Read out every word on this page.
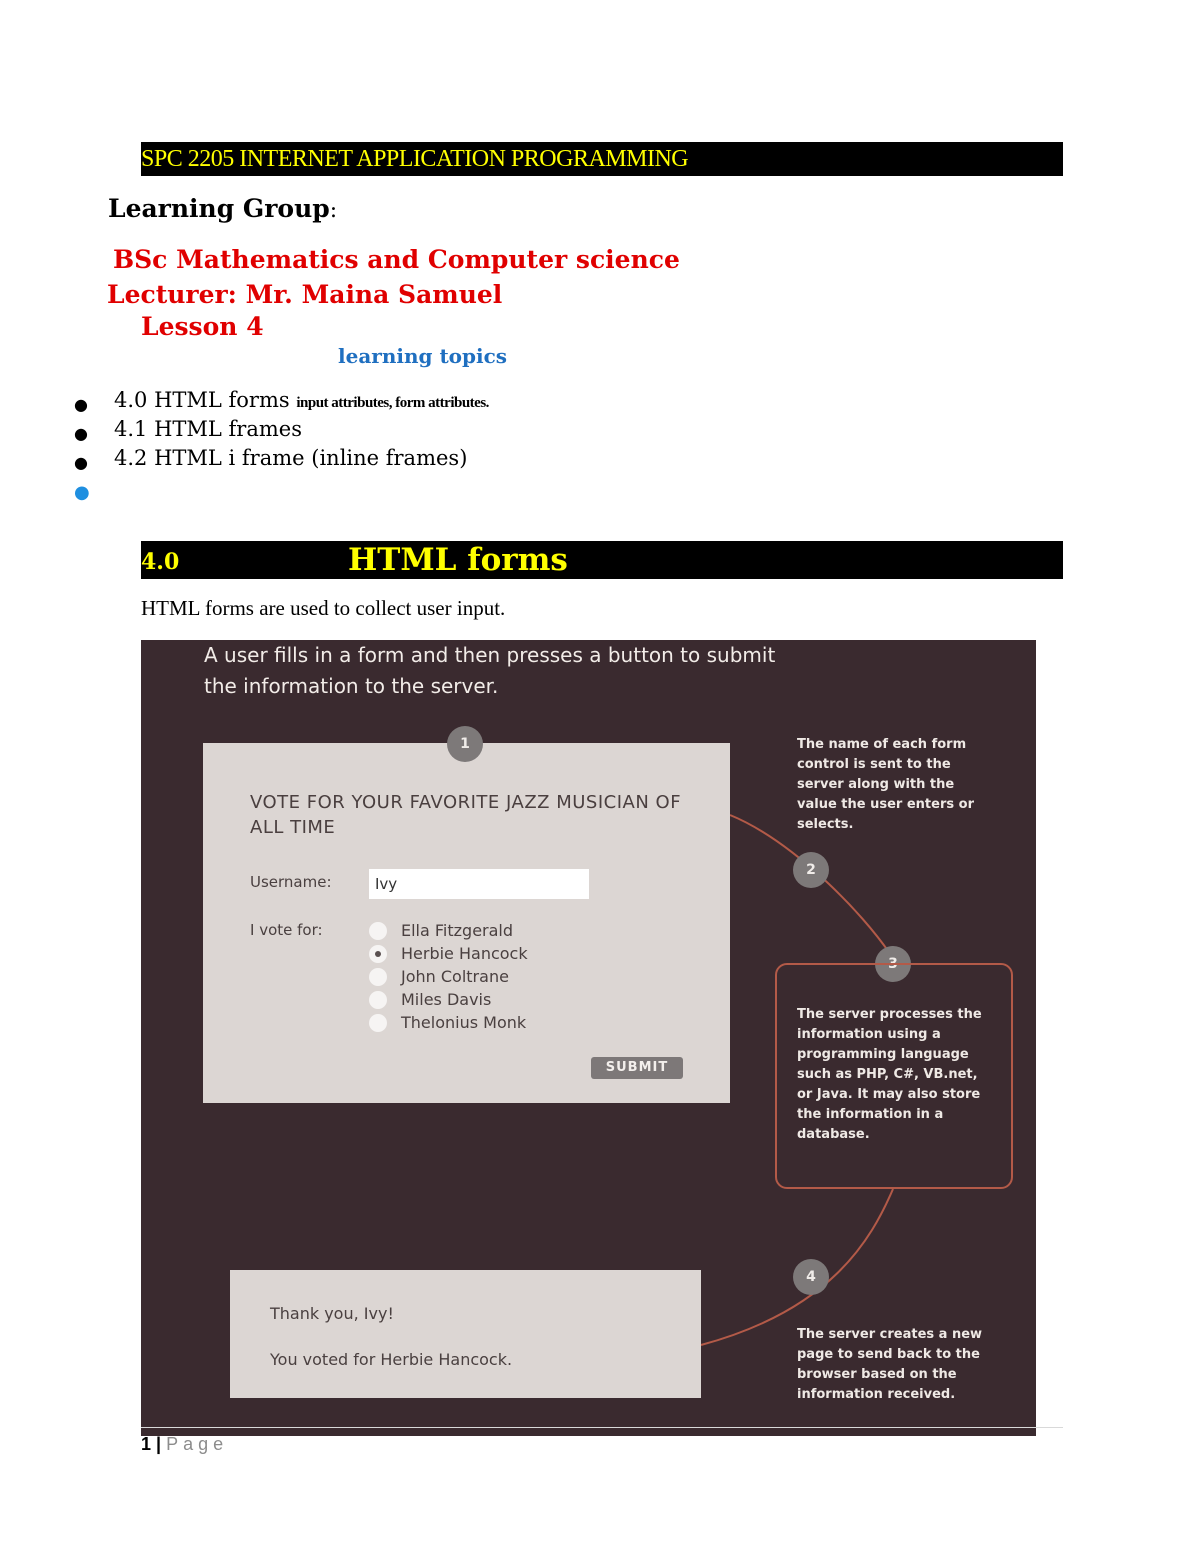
SPC 2205 INTERNET APPLICATION PROGRAMMING
Learning Group:
BSc Mathematics and Computer science
Lecturer: Mr. Maina Samuel
Lesson 4
learning topics
● 4.0 HTML forms input attributes, form attributes.
● 4.1 HTML frames
● 4.2 HTML i frame (inline frames)
●
4.0	HTML forms
HTML forms are used to collect user input.
A user fills in a form and then presses a button to submit the information to the server.
VOTE FOR YOUR FAVORITE JAZZ MUSICIAN OF ALL TIME
Username:
Ivy
I vote for:	Ella Fitzgerald
Herbie Hancock
John Coltrane
Miles Davis
Thelonius Monk
SUBMIT
1
2
3
4
The name of each form control is sent to the server along with the value the user enters or selects.
The server processes the information using a programming language such as PHP, C#, VB.net, or Java. It may also store the information in a database.
Thank you, Ivy!
You voted for Herbie Hancock.
The server creates a new page to send back to the browser based on the information received.
1 | Page
